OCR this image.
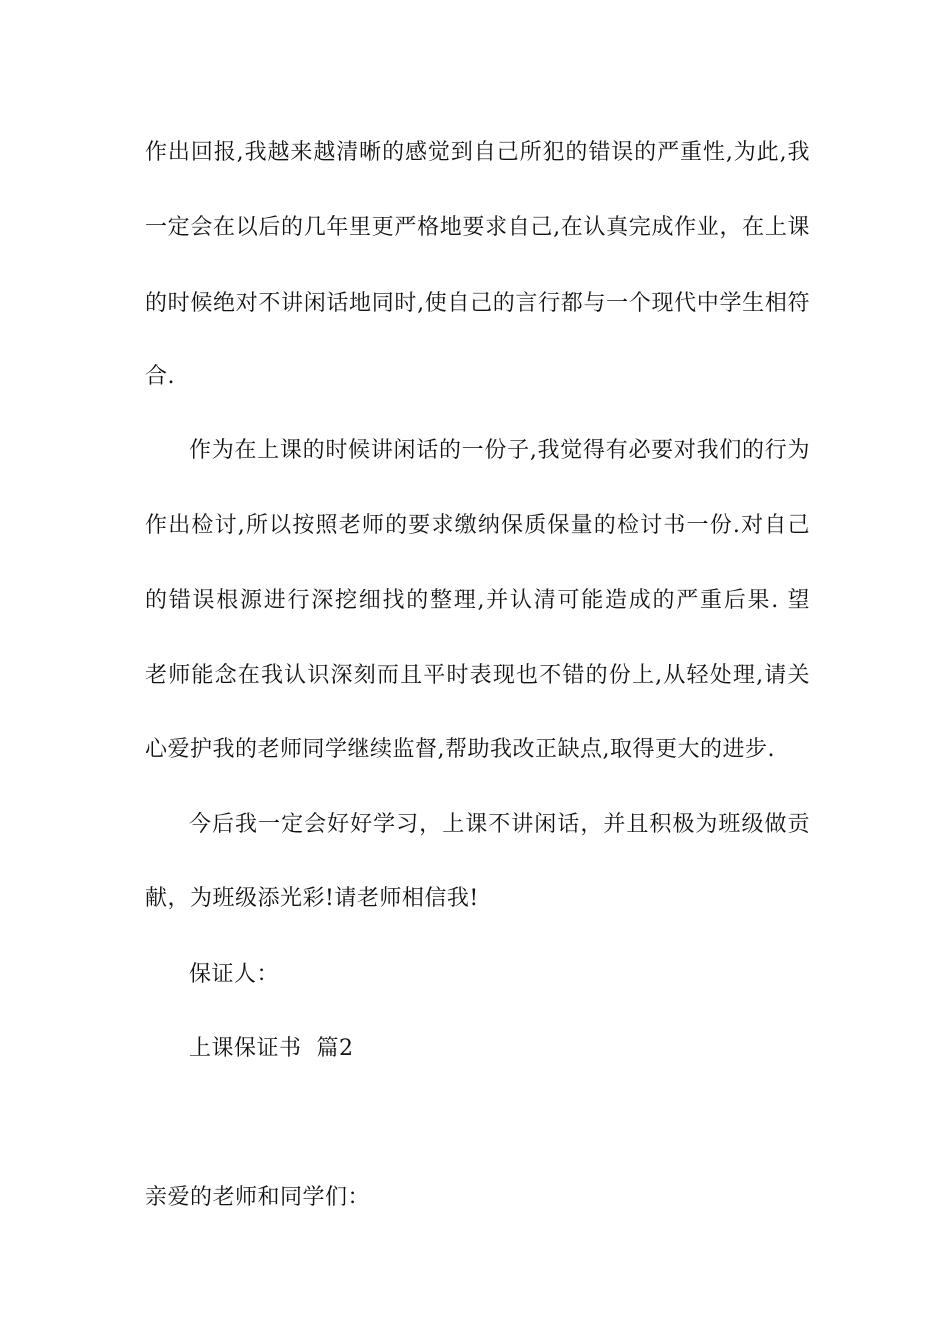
作出回报,我越来越清晰的感觉到自己所犯的错误的严重性,为此,我
一定会在以后的几年里更严格地要求自己,在认真完成作业，在上课
的时候绝对不讲闲话地同时,使自己的言行都与一个现代中学生相符
合.
作为在上课的时候讲闲话的一份子,我觉得有必要对我们的行为
作出检讨,所以按照老师的要求缴纳保质保量的检讨书一份.对自己
的错误根源进行深挖细找的整理,并认清可能造成的严重后果. 望
老师能念在我认识深刻而且平时表现也不错的份上,从轻处理,请关
心爱护我的老师同学继续监督,帮助我改正缺点,取得更大的进步.
今后我一定会好好学习，上课不讲闲话，并且积极为班级做贡
献，为班级添光彩!请老师相信我!
保证人：
上课保证书  篇2
亲爱的老师和同学们：
